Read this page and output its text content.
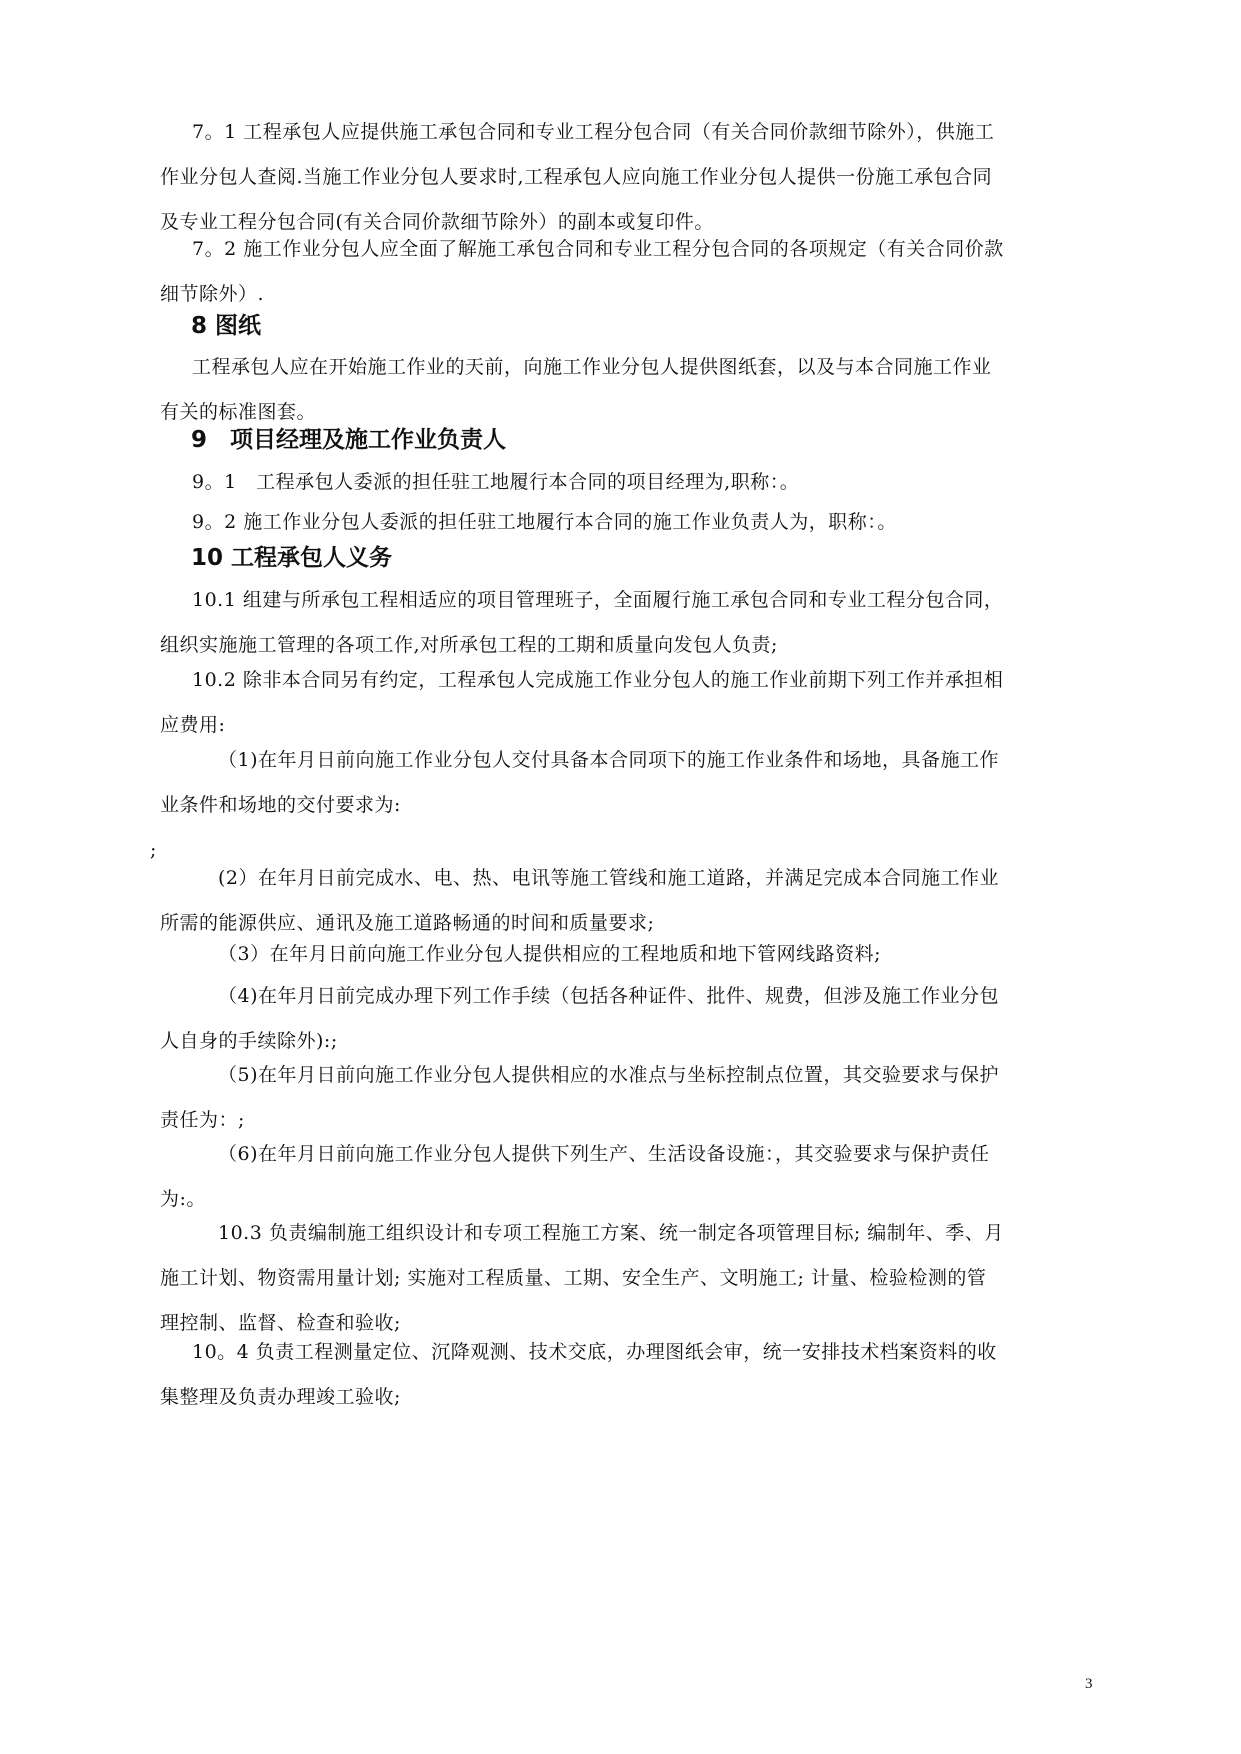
7。1 工程承包人应提供施工承包合同和专业工程分包合同（有关合同价款细节除外），供施工
作业分包人查阅.当施工作业分包人要求时,工程承包人应向施工作业分包人提供一份施工承包合同
及专业工程分包合同(有关合同价款细节除外）的副本或复印件。
7。2 施工作业分包人应全面了解施工承包合同和专业工程分包合同的各项规定（有关合同价款
细节除外）.
8 图纸
工程承包人应在开始施工作业的天前，向施工作业分包人提供图纸套，以及与本合同施工作业
有关的标准图套。
9　项目经理及施工作业负责人
9。1　工程承包人委派的担任驻工地履行本合同的项目经理为,职称：。
9。2 施工作业分包人委派的担任驻工地履行本合同的施工作业负责人为，职称：。
10 工程承包人义务
10.1 组建与所承包工程相适应的项目管理班子，全面履行施工承包合同和专业工程分包合同，
组织实施施工管理的各项工作,对所承包工程的工期和质量向发包人负责;
10.2 除非本合同另有约定，工程承包人完成施工作业分包人的施工作业前期下列工作并承担相
应费用:
（1)在年月日前向施工作业分包人交付具备本合同项下的施工作业条件和场地，具备施工作
业条件和场地的交付要求为:
;
(2）在年月日前完成水、电、热、电讯等施工管线和施工道路，并满足完成本合同施工作业
所需的能源供应、通讯及施工道路畅通的时间和质量要求;
（3）在年月日前向施工作业分包人提供相应的工程地质和地下管网线路资料;
（4)在年月日前完成办理下列工作手续（包括各种证件、批件、规费，但涉及施工作业分包
人自身的手续除外):;
（5)在年月日前向施工作业分包人提供相应的水准点与坐标控制点位置，其交验要求与保护
责任为：;
（6)在年月日前向施工作业分包人提供下列生产、生活设备设施：，其交验要求与保护责任
为:。
10.3 负责编制施工组织设计和专项工程施工方案、统一制定各项管理目标; 编制年、季、月
施工计划、物资需用量计划; 实施对工程质量、工期、安全生产、文明施工; 计量、检验检测的管
理控制、监督、检查和验收;
10。4 负责工程测量定位、沉降观测、技术交底，办理图纸会审，统一安排技术档案资料的收
集整理及负责办理竣工验收;
3
